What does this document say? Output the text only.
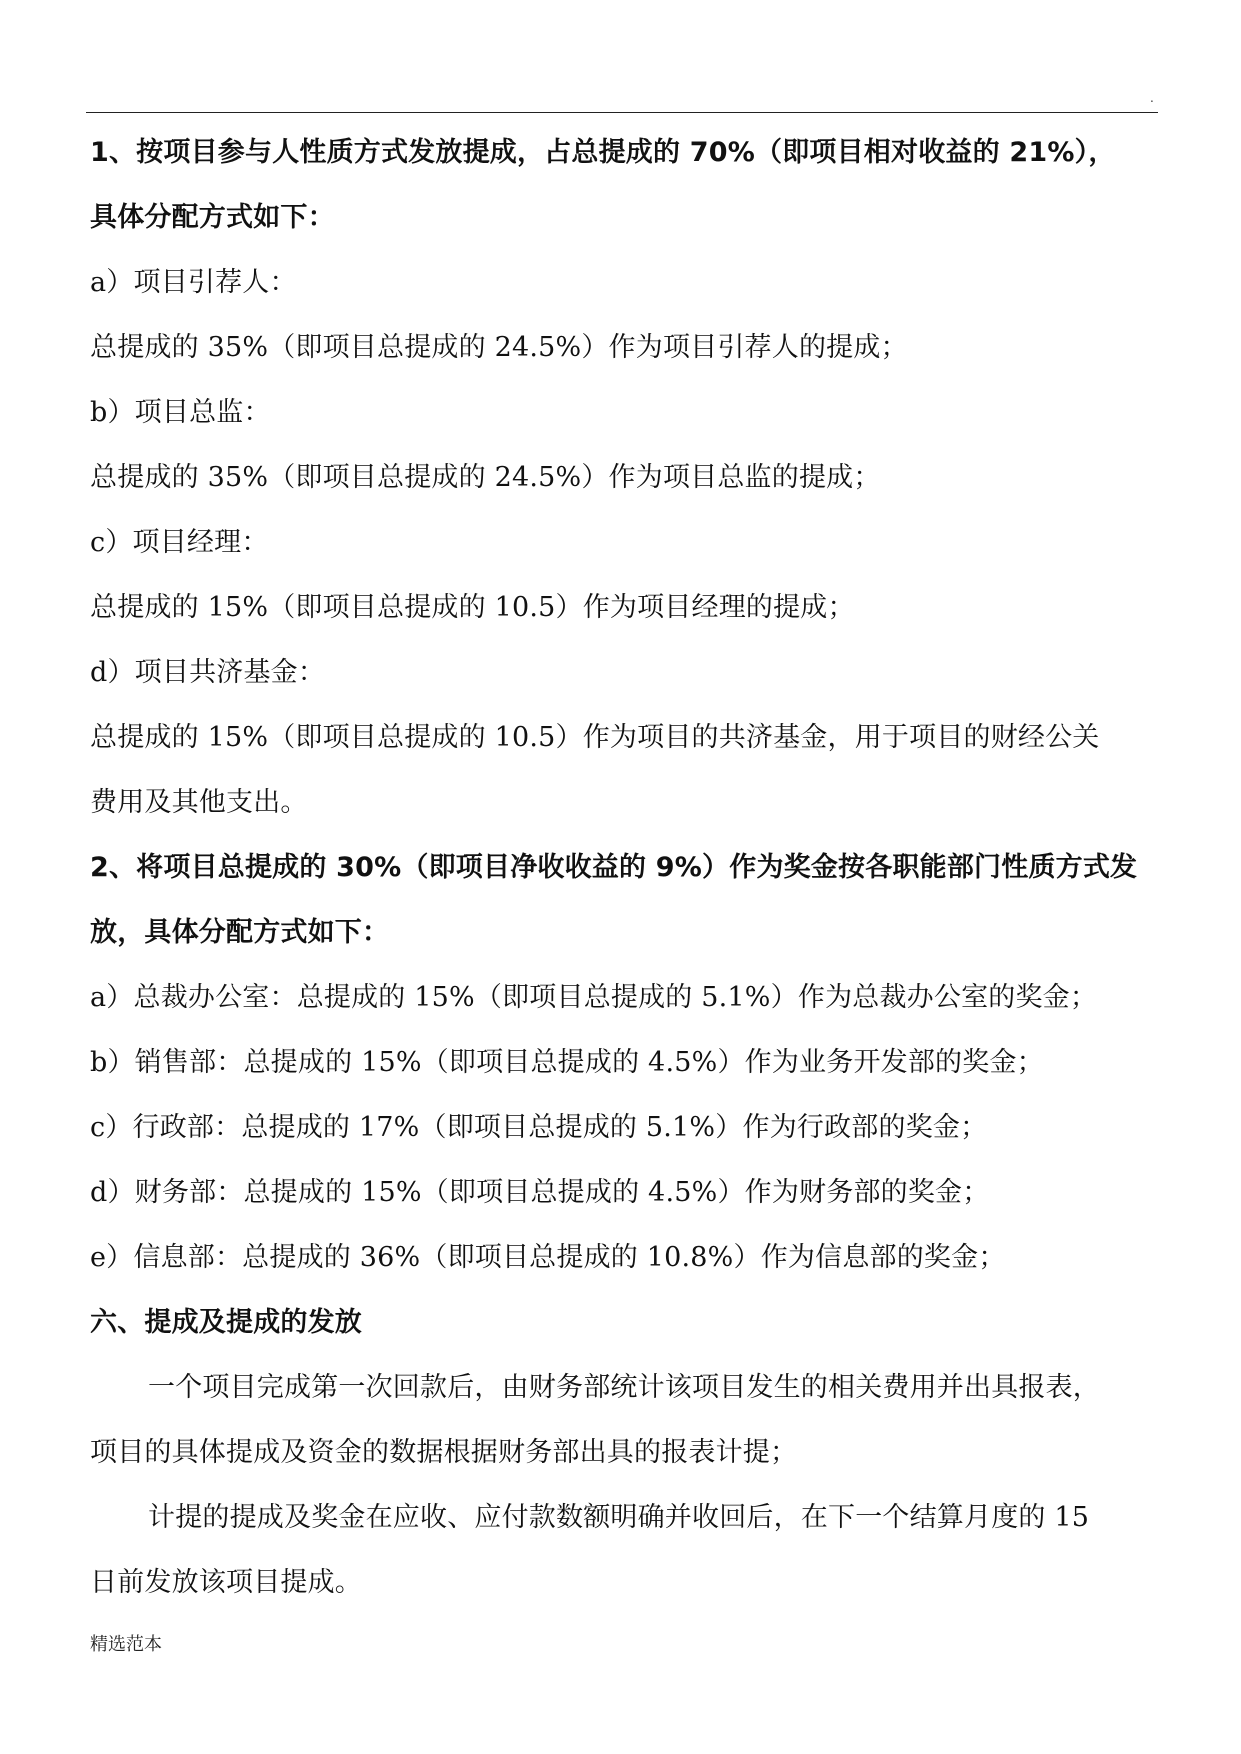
.

1、按项目参与人性质方式发放提成，占总提成的 70%（即项目相对收益的 21%），

具体分配方式如下：

a）项目引荐人：

总提成的 35%（即项目总提成的 24.5%）作为项目引荐人的提成；

b）项目总监：

总提成的 35%（即项目总提成的 24.5%）作为项目总监的提成；

c）项目经理：

总提成的 15%（即项目总提成的 10.5）作为项目经理的提成；

d）项目共济基金：

总提成的 15%（即项目总提成的 10.5）作为项目的共济基金，用于项目的财经公关

费用及其他支出。

2、将项目总提成的 30%（即项目净收收益的 9%）作为奖金按各职能部门性质方式发

放，具体分配方式如下：

a）总裁办公室：总提成的 15%（即项目总提成的 5.1%）作为总裁办公室的奖金；

b）销售部：总提成的 15%（即项目总提成的 4.5%）作为业务开发部的奖金；

c）行政部：总提成的 17%（即项目总提成的 5.1%）作为行政部的奖金；

d）财务部：总提成的 15%（即项目总提成的 4.5%）作为财务部的奖金；

e）信息部：总提成的 36%（即项目总提成的 10.8%）作为信息部的奖金；

六、提成及提成的发放

一个项目完成第一次回款后，由财务部统计该项目发生的相关费用并出具报表，

项目的具体提成及资金的数据根据财务部出具的报表计提；

计提的提成及奖金在应收、应付款数额明确并收回后，在下一个结算月度的 15

日前发放该项目提成。

精选范本
